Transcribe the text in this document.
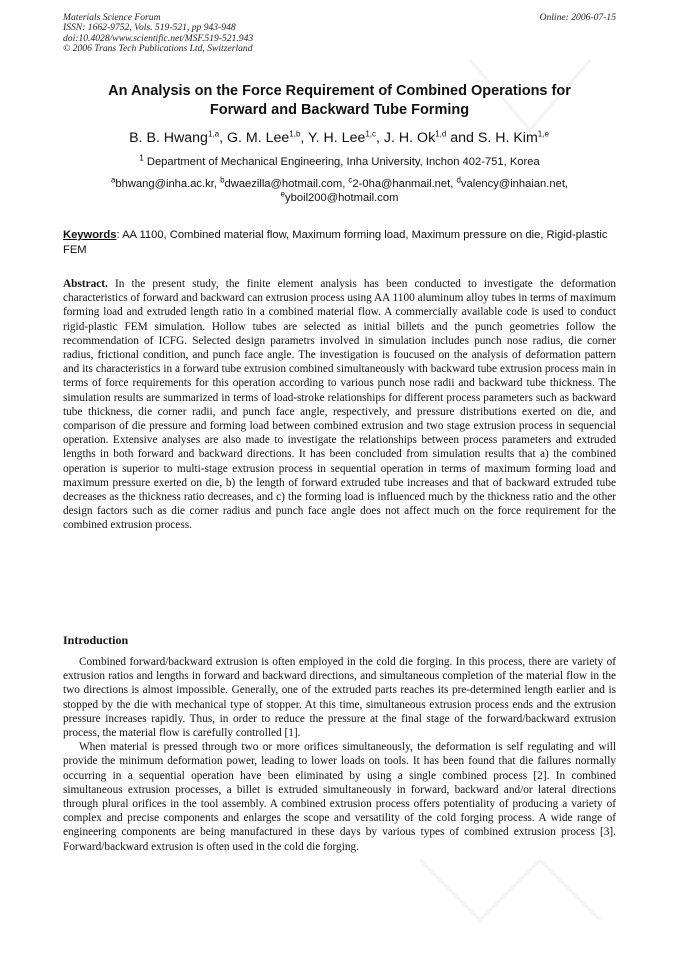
Materials Science Forum
ISSN: 1662-9752, Vols. 519-521, pp 943-948
doi:10.4028/www.scientific.net/MSF.519-521.943
© 2006 Trans Tech Publications Ltd, Switzerland
Online: 2006-07-15
An Analysis on the Force Requirement of Combined Operations for
Forward and Backward Tube Forming
B. B. Hwang$^{1,a}$, G. M. Lee$^{1,b}$, Y. H. Lee$^{1,c}$, J. H. Ok$^{1,d}$ and S. H. Kim$^{1,e}$
$^1$ Department of Mechanical Engineering, Inha University, Inchon 402-751, Korea
$^a$bhwang@inha.ac.kr, $^b$dwaezilla@hotmail.com, $^c$2-0ha@hanmail.net, $^d$valency@inhaian.net,
$^e$yboil200@hotmail.com
Keywords: AA 1100, Combined material flow, Maximum forming load, Maximum pressure on die, Rigid-plastic FEM
Abstract. In the present study, the finite element analysis has been conducted to investigate the deformation characteristics of forward and backward can extrusion process using AA 1100 aluminum alloy tubes in terms of maximum forming load and extruded length ratio in a combined material flow. A commercially available code is used to conduct rigid-plastic FEM simulation. Hollow tubes are selected as initial billets and the punch geometries follow the recommendation of ICFG. Selected design parametrs involved in simulation includes punch nose radius, die corner radius, frictional condition, and punch face angle. The investigation is foucused on the analysis of deformation pattern and its characteristics in a forward tube extrusion combined simultaneously with backward tube extrusion process main in terms of force requirements for this operation according to various punch nose radii and backward tube thickness. The simulation results are summarized in terms of load-stroke relationships for different process parameters such as backward tube thickness, die corner radii, and punch face angle, respectively, and pressure distributions exerted on die, and comparison of die pressure and forming load between combined extrusion and two stage extrusion process in sequencial operation. Extensive analyses are also made to investigate the relationships between process parameters and extruded lengths in both forward and backward directions. It has been concluded from simulation results that a) the combined operation is superior to multi-stage extrusion process in sequential operation in terms of maximum forming load and maximum pressure exerted on die, b) the length of forward extruded tube increases and that of backward extruded tube decreases as the thickness ratio decreases, and c) the forming load is influenced much by the thickness ratio and the other design factors such as die corner radius and punch face angle does not affect much on the force requirement for the combined extrusion process.
Introduction

Combined forward/backward extrusion is often employed in the cold die forging. In this process, there are variety of extrusion ratios and lengths in forward and backward directions, and simultaneous completion of the material flow in the two directions is almost impossible. Generally, one of the extruded parts reaches its pre-determined length earlier and is stopped by the die with mechanical type of stopper. At this time, simultaneous extrusion process ends and the extrusion pressure increases rapidly. Thus, in order to reduce the pressure at the final stage of the forward/backward extrusion process, the material flow is carefully controlled [1].

When material is pressed through two or more orifices simultaneously, the deformation is self regulating and will provide the minimum deformation power, leading to lower loads on tools. It has been found that die failures normally occurring in a sequential operation have been eliminated by using a single combined process [2]. In combined simultaneous extrusion processes, a billet is extruded simultaneously in forward, backward and/or lateral directions through plural orifices in the tool assembly. A combined extrusion process offers potentiality of producing a variety of complex and precise components and enlarges the scope and versatility of the cold forging process. A wide range of engineering components are being manufactured in these days by various types of combined extrusion process [3]. Forward/backward extrusion is often used in the cold die forging.
